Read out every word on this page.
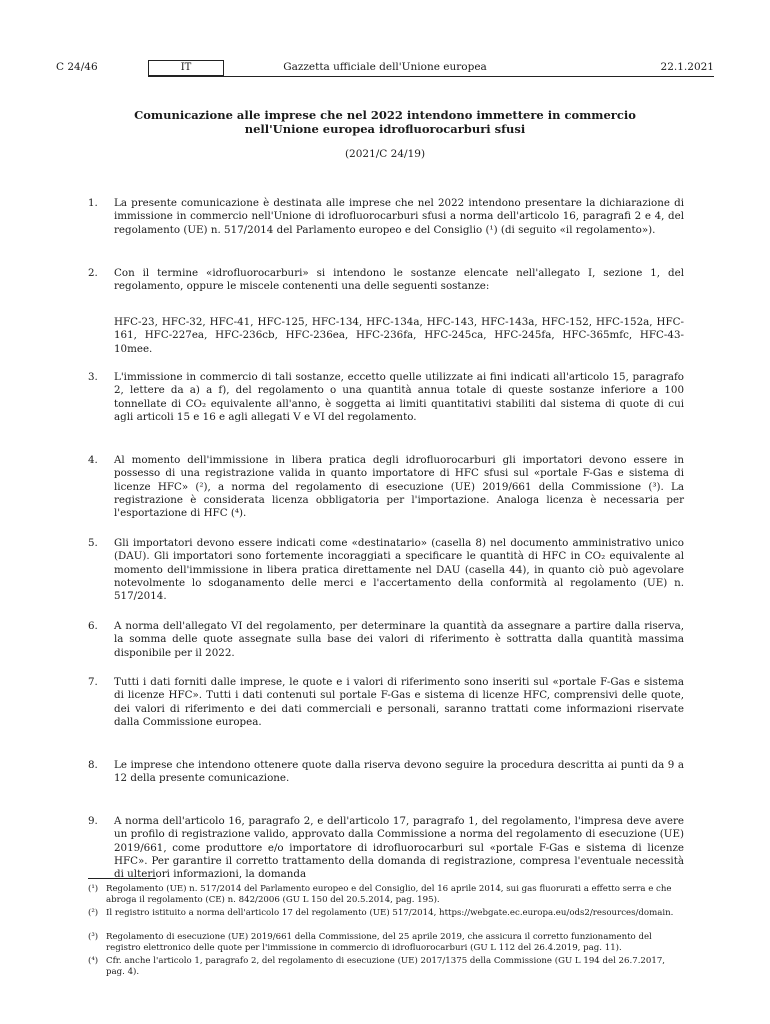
C 24/46	IT	Gazzetta ufficiale dell'Unione europea	22.1.2021
Comunicazione alle imprese che nel 2022 intendono immettere in commercio nell'Unione europea idrofluorocarburi sfusi
(2021/C 24/19)
1. La presente comunicazione è destinata alle imprese che nel 2022 intendono presentare la dichiarazione di immissione in commercio nell'Unione di idrofluorocarburi sfusi a norma dell'articolo 16, paragrafi 2 e 4, del regolamento (UE) n. 517/2014 del Parlamento europeo e del Consiglio (¹) (di seguito «il regolamento»).
2. Con il termine «idrofluorocarburi» si intendono le sostanze elencate nell'allegato I, sezione 1, del regolamento, oppure le miscele contenenti una delle seguenti sostanze:
HFC-23, HFC-32, HFC-41, HFC-125, HFC-134, HFC-134a, HFC-143, HFC-143a, HFC-152, HFC-152a, HFC-161, HFC-227ea, HFC-236cb, HFC-236ea, HFC-236fa, HFC-245ca, HFC-245fa, HFC-365mfc, HFC-43-10mee.
3. L'immissione in commercio di tali sostanze, eccetto quelle utilizzate ai fini indicati all'articolo 15, paragrafo 2, lettere da a) a f), del regolamento o una quantità annua totale di queste sostanze inferiore a 100 tonnellate di CO₂ equivalente all'anno, è soggetta ai limiti quantitativi stabiliti dal sistema di quote di cui agli articoli 15 e 16 e agli allegati V e VI del regolamento.
4. Al momento dell'immissione in libera pratica degli idrofluorocarburi gli importatori devono essere in possesso di una registrazione valida in quanto importatore di HFC sfusi sul «portale F-Gas e sistema di licenze HFC» (²), a norma del regolamento di esecuzione (UE) 2019/661 della Commissione (³). La registrazione è considerata licenza obbligatoria per l'importazione. Analoga licenza è necessaria per l'esportazione di HFC (⁴).
5. Gli importatori devono essere indicati come «destinatario» (casella 8) nel documento amministrativo unico (DAU). Gli importatori sono fortemente incoraggiati a specificare le quantità di HFC in CO₂ equivalente al momento dell'immissione in libera pratica direttamente nel DAU (casella 44), in quanto ciò può agevolare notevolmente lo sdoganamento delle merci e l'accertamento della conformità al regolamento (UE) n. 517/2014.
6. A norma dell'allegato VI del regolamento, per determinare la quantità da assegnare a partire dalla riserva, la somma delle quote assegnate sulla base dei valori di riferimento è sottratta dalla quantità massima disponibile per il 2022.
7. Tutti i dati forniti dalle imprese, le quote e i valori di riferimento sono inseriti sul «portale F-Gas e sistema di licenze HFC». Tutti i dati contenuti sul portale F-Gas e sistema di licenze HFC, comprensivi delle quote, dei valori di riferimento e dei dati commerciali e personali, saranno trattati come informazioni riservate dalla Commissione europea.
8. Le imprese che intendono ottenere quote dalla riserva devono seguire la procedura descritta ai punti da 9 a 12 della presente comunicazione.
9. A norma dell'articolo 16, paragrafo 2, e dell'articolo 17, paragrafo 1, del regolamento, l'impresa deve avere un profilo di registrazione valido, approvato dalla Commissione a norma del regolamento di esecuzione (UE) 2019/661, come produttore e/o importatore di idrofluorocarburi sul «portale F-Gas e sistema di licenze HFC». Per garantire il corretto trattamento della domanda di registrazione, compresa l'eventuale necessità di ulteriori informazioni, la domanda
(¹) Regolamento (UE) n. 517/2014 del Parlamento europeo e del Consiglio, del 16 aprile 2014, sui gas fluorurati a effetto serra e che abroga il regolamento (CE) n. 842/2006 (GU L 150 del 20.5.2014, pag. 195).
(²) Il registro istituito a norma dell'articolo 17 del regolamento (UE) 517/2014, https://webgate.ec.europa.eu/ods2/resources/domain.
(³) Regolamento di esecuzione (UE) 2019/661 della Commissione, del 25 aprile 2019, che assicura il corretto funzionamento del registro elettronico delle quote per l'immissione in commercio di idrofluorocarburi (GU L 112 del 26.4.2019, pag. 11).
(⁴) Cfr. anche l'articolo 1, paragrafo 2, del regolamento di esecuzione (UE) 2017/1375 della Commissione (GU L 194 del 26.7.2017, pag. 4).
